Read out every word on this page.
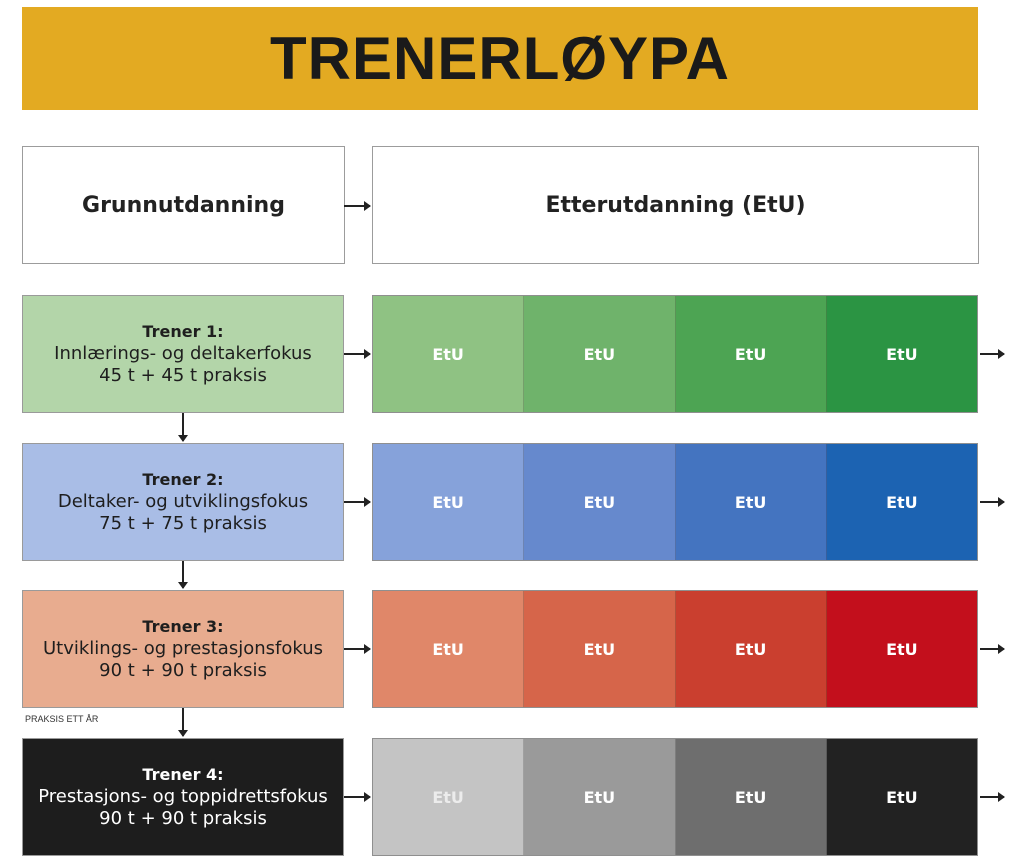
TRENERLØYPA
Grunnutdanning	Etterutdanning (EtU)
Trener 1:
Innlærings- og deltakerfokus
45 t + 45 t praksis
EtU	EtU	EtU	EtU
Trener 2:
Deltaker- og utviklingsfokus
75 t + 75 t praksis
EtU	EtU	EtU	EtU
Trener 3:
Utviklings- og prestasjonsfokus
90 t + 90 t praksis
EtU	EtU	EtU	EtU
Trener 4:
Prestasjons- og toppidrettsfokus
90 t + 90 t praksis
EtU	EtU	EtU	EtU
PRAKSIS ETT ÅR
